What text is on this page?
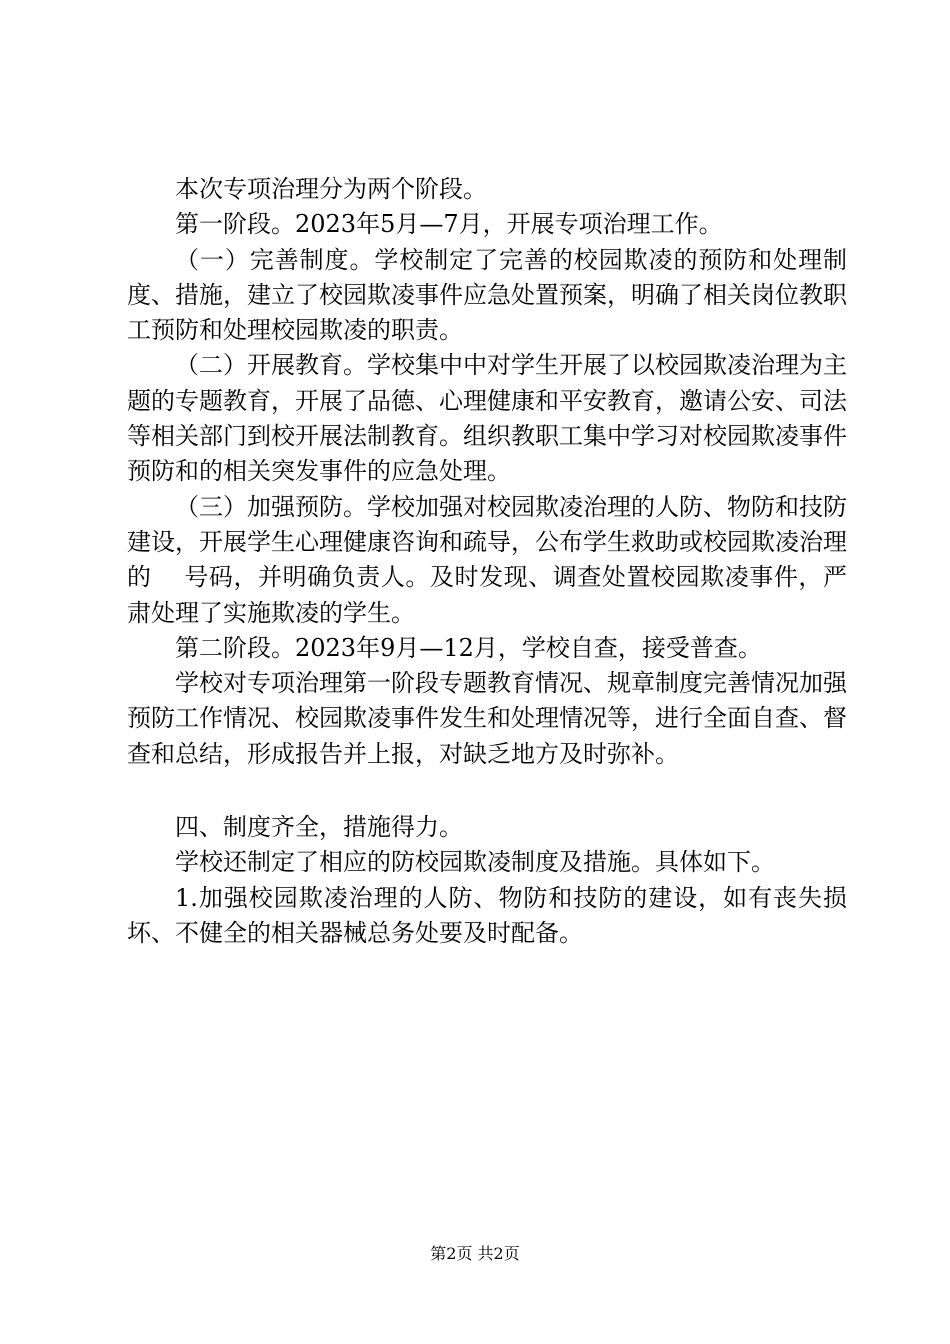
本次专项治理分为两个阶段。

第一阶段。2023年5月—7月，开展专项治理工作。

（一）完善制度。学校制定了完善的校园欺凌的预防和处理制度、措施，建立了校园欺凌事件应急处置预案，明确了相关岗位教职工预防和处理校园欺凌的职责。

（二）开展教育。学校集中中对学生开展了以校园欺凌治理为主题的专题教育，开展了品德、心理健康和平安教育，邀请公安、司法等相关部门到校开展法制教育。组织教职工集中学习对校园欺凌事件预防和的相关突发事件的应急处理。

（三）加强预防。学校加强对校园欺凌治理的人防、物防和技防建设，开展学生心理健康咨询和疏导，公布学生救助或校园欺凌治理的    号码，并明确负责人。及时发现、调查处置校园欺凌事件，严肃处理了实施欺凌的学生。

第二阶段。2023年9月—12月，学校自查，接受普查。

学校对专项治理第一阶段专题教育情况、规章制度完善情况加强预防工作情况、校园欺凌事件发生和处理情况等，进行全面自查、督查和总结，形成报告并上报，对缺乏地方及时弥补。

四、制度齐全，措施得力。

学校还制定了相应的防校园欺凌制度及措施。具体如下。

1.加强校园欺凌治理的人防、物防和技防的建设，如有丧失损坏、不健全的相关器械总务处要及时配备。

第2页 共2页
